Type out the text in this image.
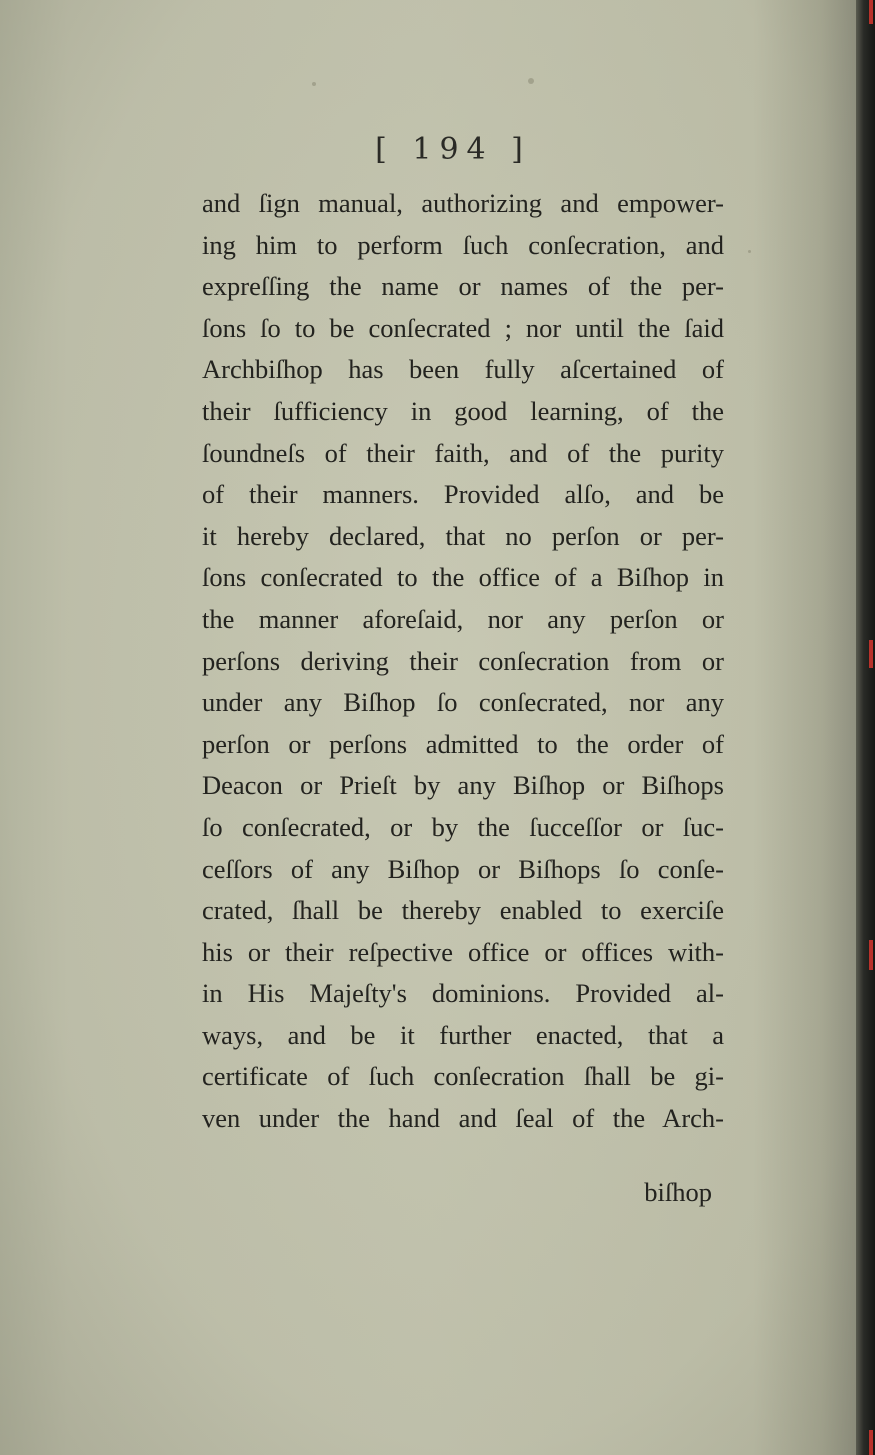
[ 194 ]
and ſign manual, authorizing and empower-
ing him to perform ſuch conſecration, and
expreſſing the name or names of the per-
ſons ſo to be conſecrated ; nor until the ſaid
Archbiſhop has been fully aſcertained of
their ſufficiency in good learning, of the
ſoundneſs of their faith, and of the purity
of their manners. Provided alſo, and be
it hereby declared, that no perſon or per-
ſons conſecrated to the office of a Biſhop in
the manner aforeſaid, nor any perſon or
perſons deriving their conſecration from or
under any Biſhop ſo conſecrated, nor any
perſon or perſons admitted to the order of
Deacon or Prieſt by any Biſhop or Biſhops
ſo conſecrated, or by the ſucceſſor or ſuc-
ceſſors of any Biſhop or Biſhops ſo conſe-
crated, ſhall be thereby enabled to exerciſe
his or their reſpective office or offices with-
in His Majeſty's dominions. Provided al-
ways, and be it further enacted, that a
certificate of ſuch conſecration ſhall be gi-
ven under the hand and ſeal of the Arch-
biſhop
